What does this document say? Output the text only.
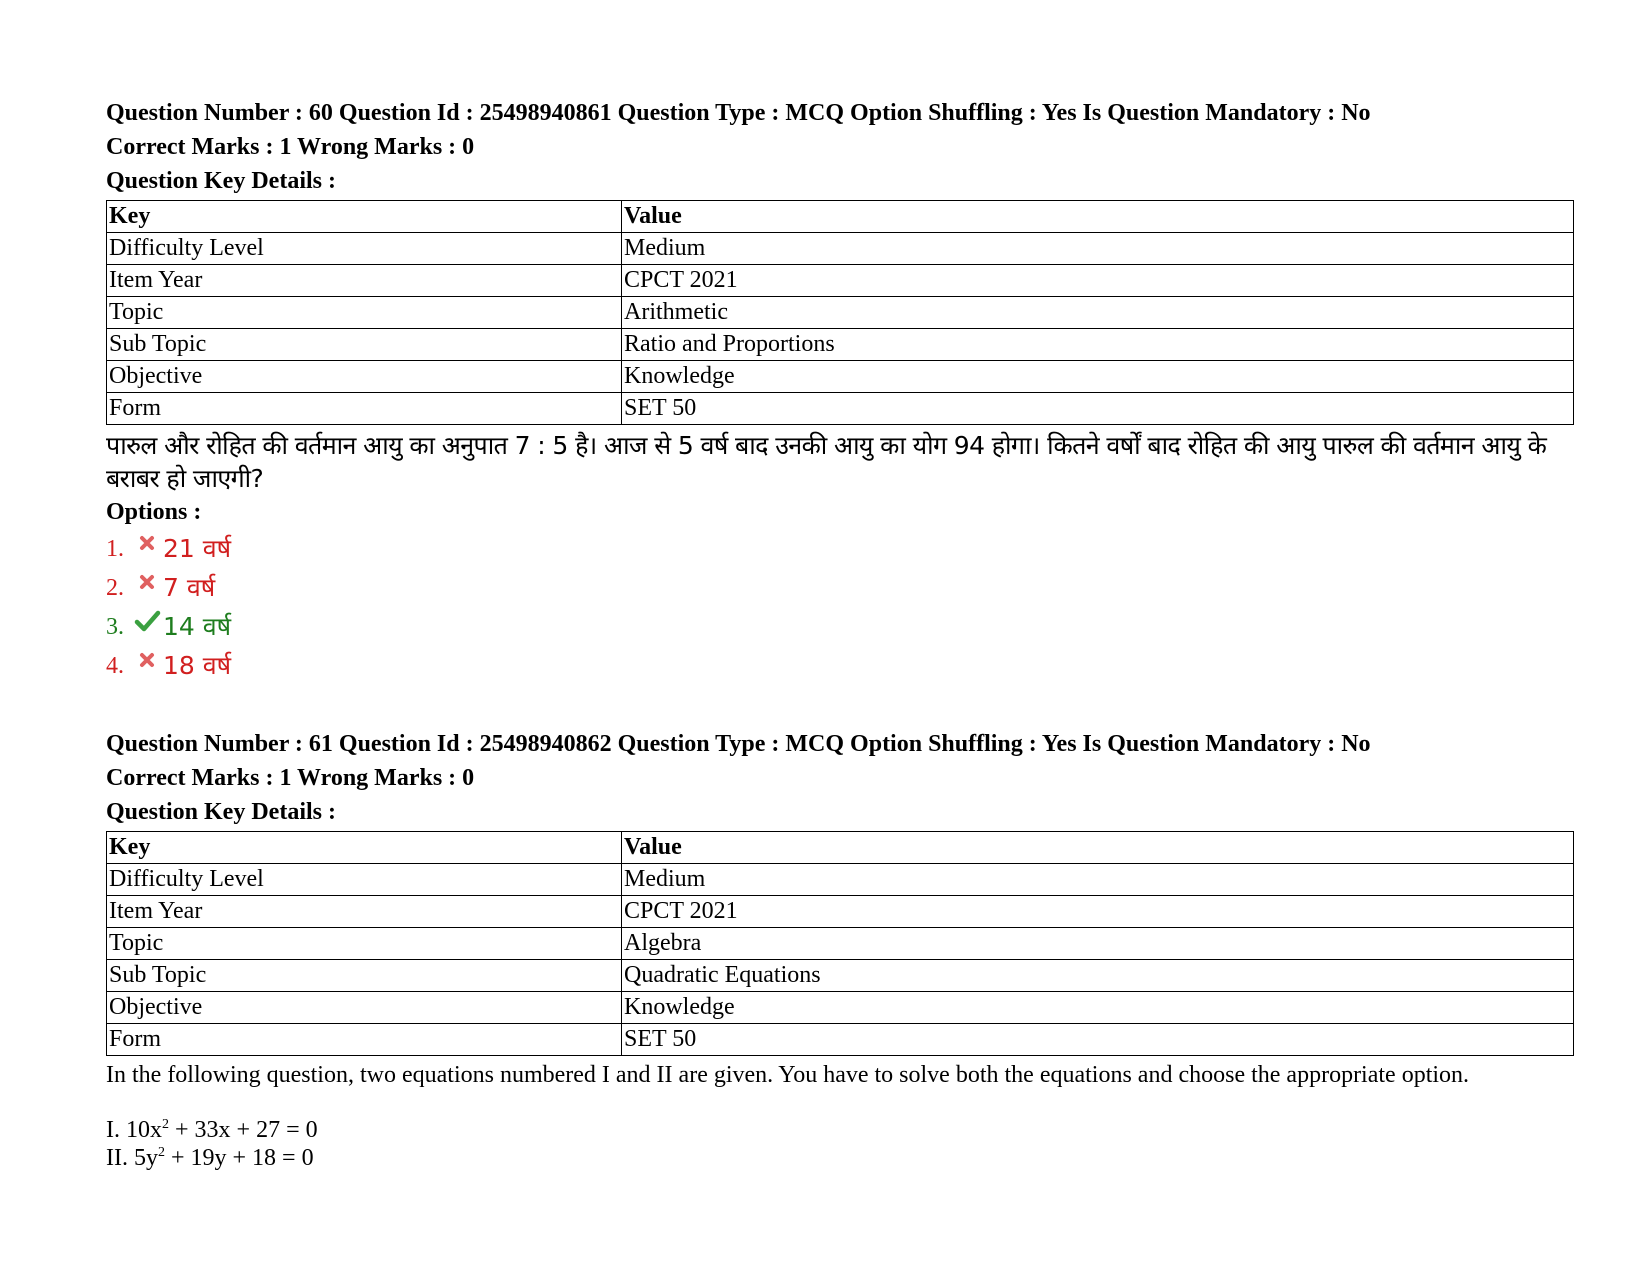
Question Number : 60 Question Id : 25498940861 Question Type : MCQ Option Shuffling : Yes Is Question Mandatory : No

Correct Marks : 1 Wrong Marks : 0

Question Key Details :

Key	Value
Difficulty Level	Medium
Item Year	CPCT 2021
Topic	Arithmetic
Sub Topic	Ratio and Proportions
Objective	Knowledge
Form	SET 50

पारुल और रोहित की वर्तमान आयु का अनुपात 7 : 5 है। आज से 5 वर्ष बाद उनकी आयु का योग 94 होगा। कितने वर्षों बाद रोहित की आयु पारुल की वर्तमान आयु के बराबर हो जाएगी?

Options :

1.	21 वर्ष
2.	7 वर्ष
3.	14 वर्ष
4.	18 वर्ष

Question Number : 61 Question Id : 25498940862 Question Type : MCQ Option Shuffling : Yes Is Question Mandatory : No

Correct Marks : 1 Wrong Marks : 0

Question Key Details :

Key	Value
Difficulty Level	Medium
Item Year	CPCT 2021
Topic	Algebra
Sub Topic	Quadratic Equations
Objective	Knowledge
Form	SET 50

In the following question, two equations numbered I and II are given. You have to solve both the equations and choose the appropriate option.

I. $10x^2 + 33x + 27 = 0$

II. $5y^2 + 19y + 18 = 0$
